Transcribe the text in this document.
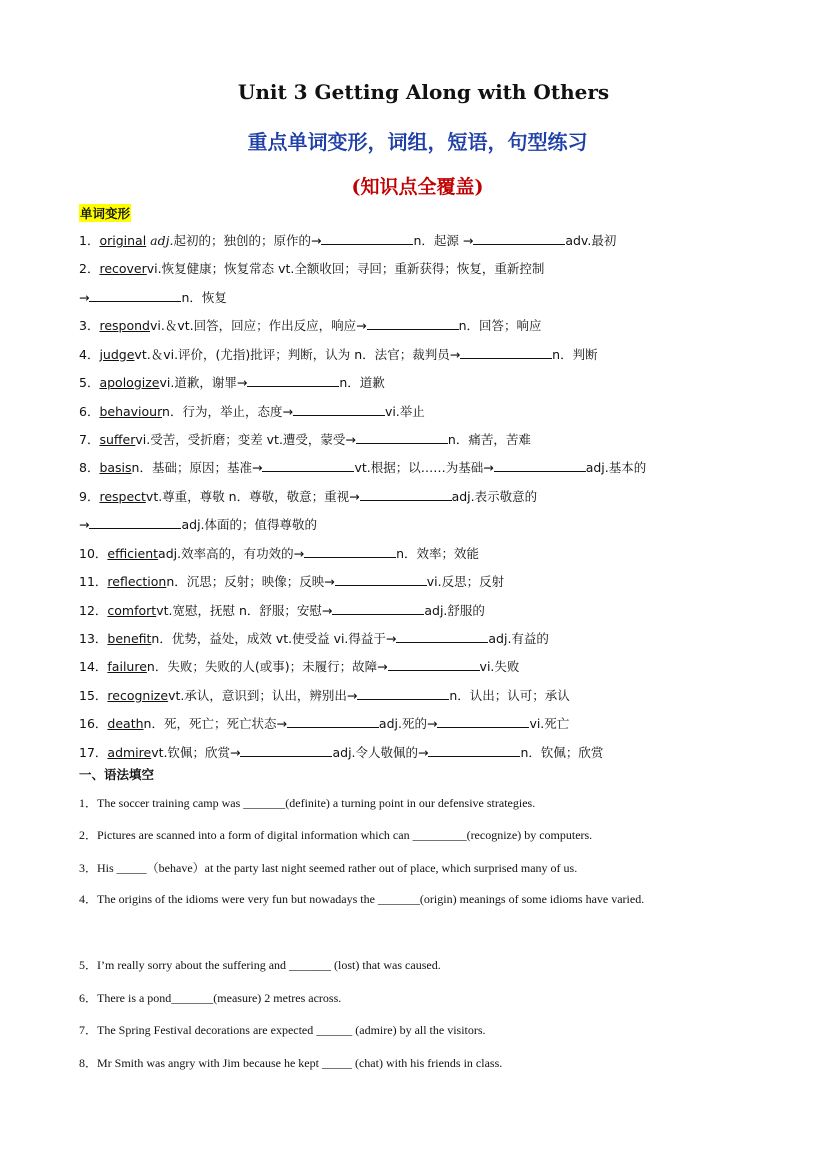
Unit 3 Getting Along with Others
重点单词变形，词组，短语，句型练习
(知识点全覆盖)
单词变形

1．original adj.起初的；独创的；原作的→	n．起源 →	adv.最初

2．recovervi.恢复健康；恢复常态 vt.全额收回；寻回；重新获得；恢复，重新控制

→	n．恢复

3．respondvi.＆vt.回答，回应；作出反应，响应→	n．回答；响应

4．judgevt.＆vi.评价，(尤指)批评；判断，认为 n．法官；裁判员→	n．判断

5．apologizevi.道歉，谢罪→	n．道歉

6．behaviourn．行为，举止，态度→	vi.举止

7．suffervi.受苦，受折磨；变差 vt.遭受，蒙受→	n．痛苦，苦难

8．basisn．基础；原因；基准→	vt.根据；以……为基础→	adj.基本的

9．respectvt.尊重，尊敬 n．尊敬，敬意；重视→	adj.表示敬意的

→	adj.体面的；值得尊敬的

10．efficientadj.效率高的，有功效的→	n．效率；效能

11．reflectionn．沉思；反射；映像；反映→	vi.反思；反射

12．comfortvt.宽慰，抚慰 n．舒服；安慰→	adj.舒服的

13．benefitn．优势，益处，成效 vt.使受益 vi.得益于→	adj.有益的

14．failuren．失败；失败的人(或事)；未履行；故障→	vi.失败

15．recognizevt.承认，意识到；认出，辨别出→	n．认出；认可；承认

16．deathn．死，死亡；死亡状态→	adj.死的→	vi.死亡

17．admirevt.钦佩；欣赏→	adj.令人敬佩的→	n．钦佩；欣赏

一、语法填空

1．The soccer training camp was _______(definite) a turning point in our defensive strategies.

2．Pictures are scanned into a form of digital information which can _________(recognize) by computers.

3．His _____（behave）at the party last night seemed rather out of place, which surprised many of us.

4．The origins of the idioms were very fun but nowadays the _______(origin) meanings of some idioms have varied.

5．I’m really sorry about the suffering and _______ (lost) that was caused.

6．There is a pond_______(measure) 2 metres across.

7．The Spring Festival decorations are expected ______ (admire) by all the visitors.

8．Mr Smith was angry with Jim because he kept _____ (chat) with his friends in class.
